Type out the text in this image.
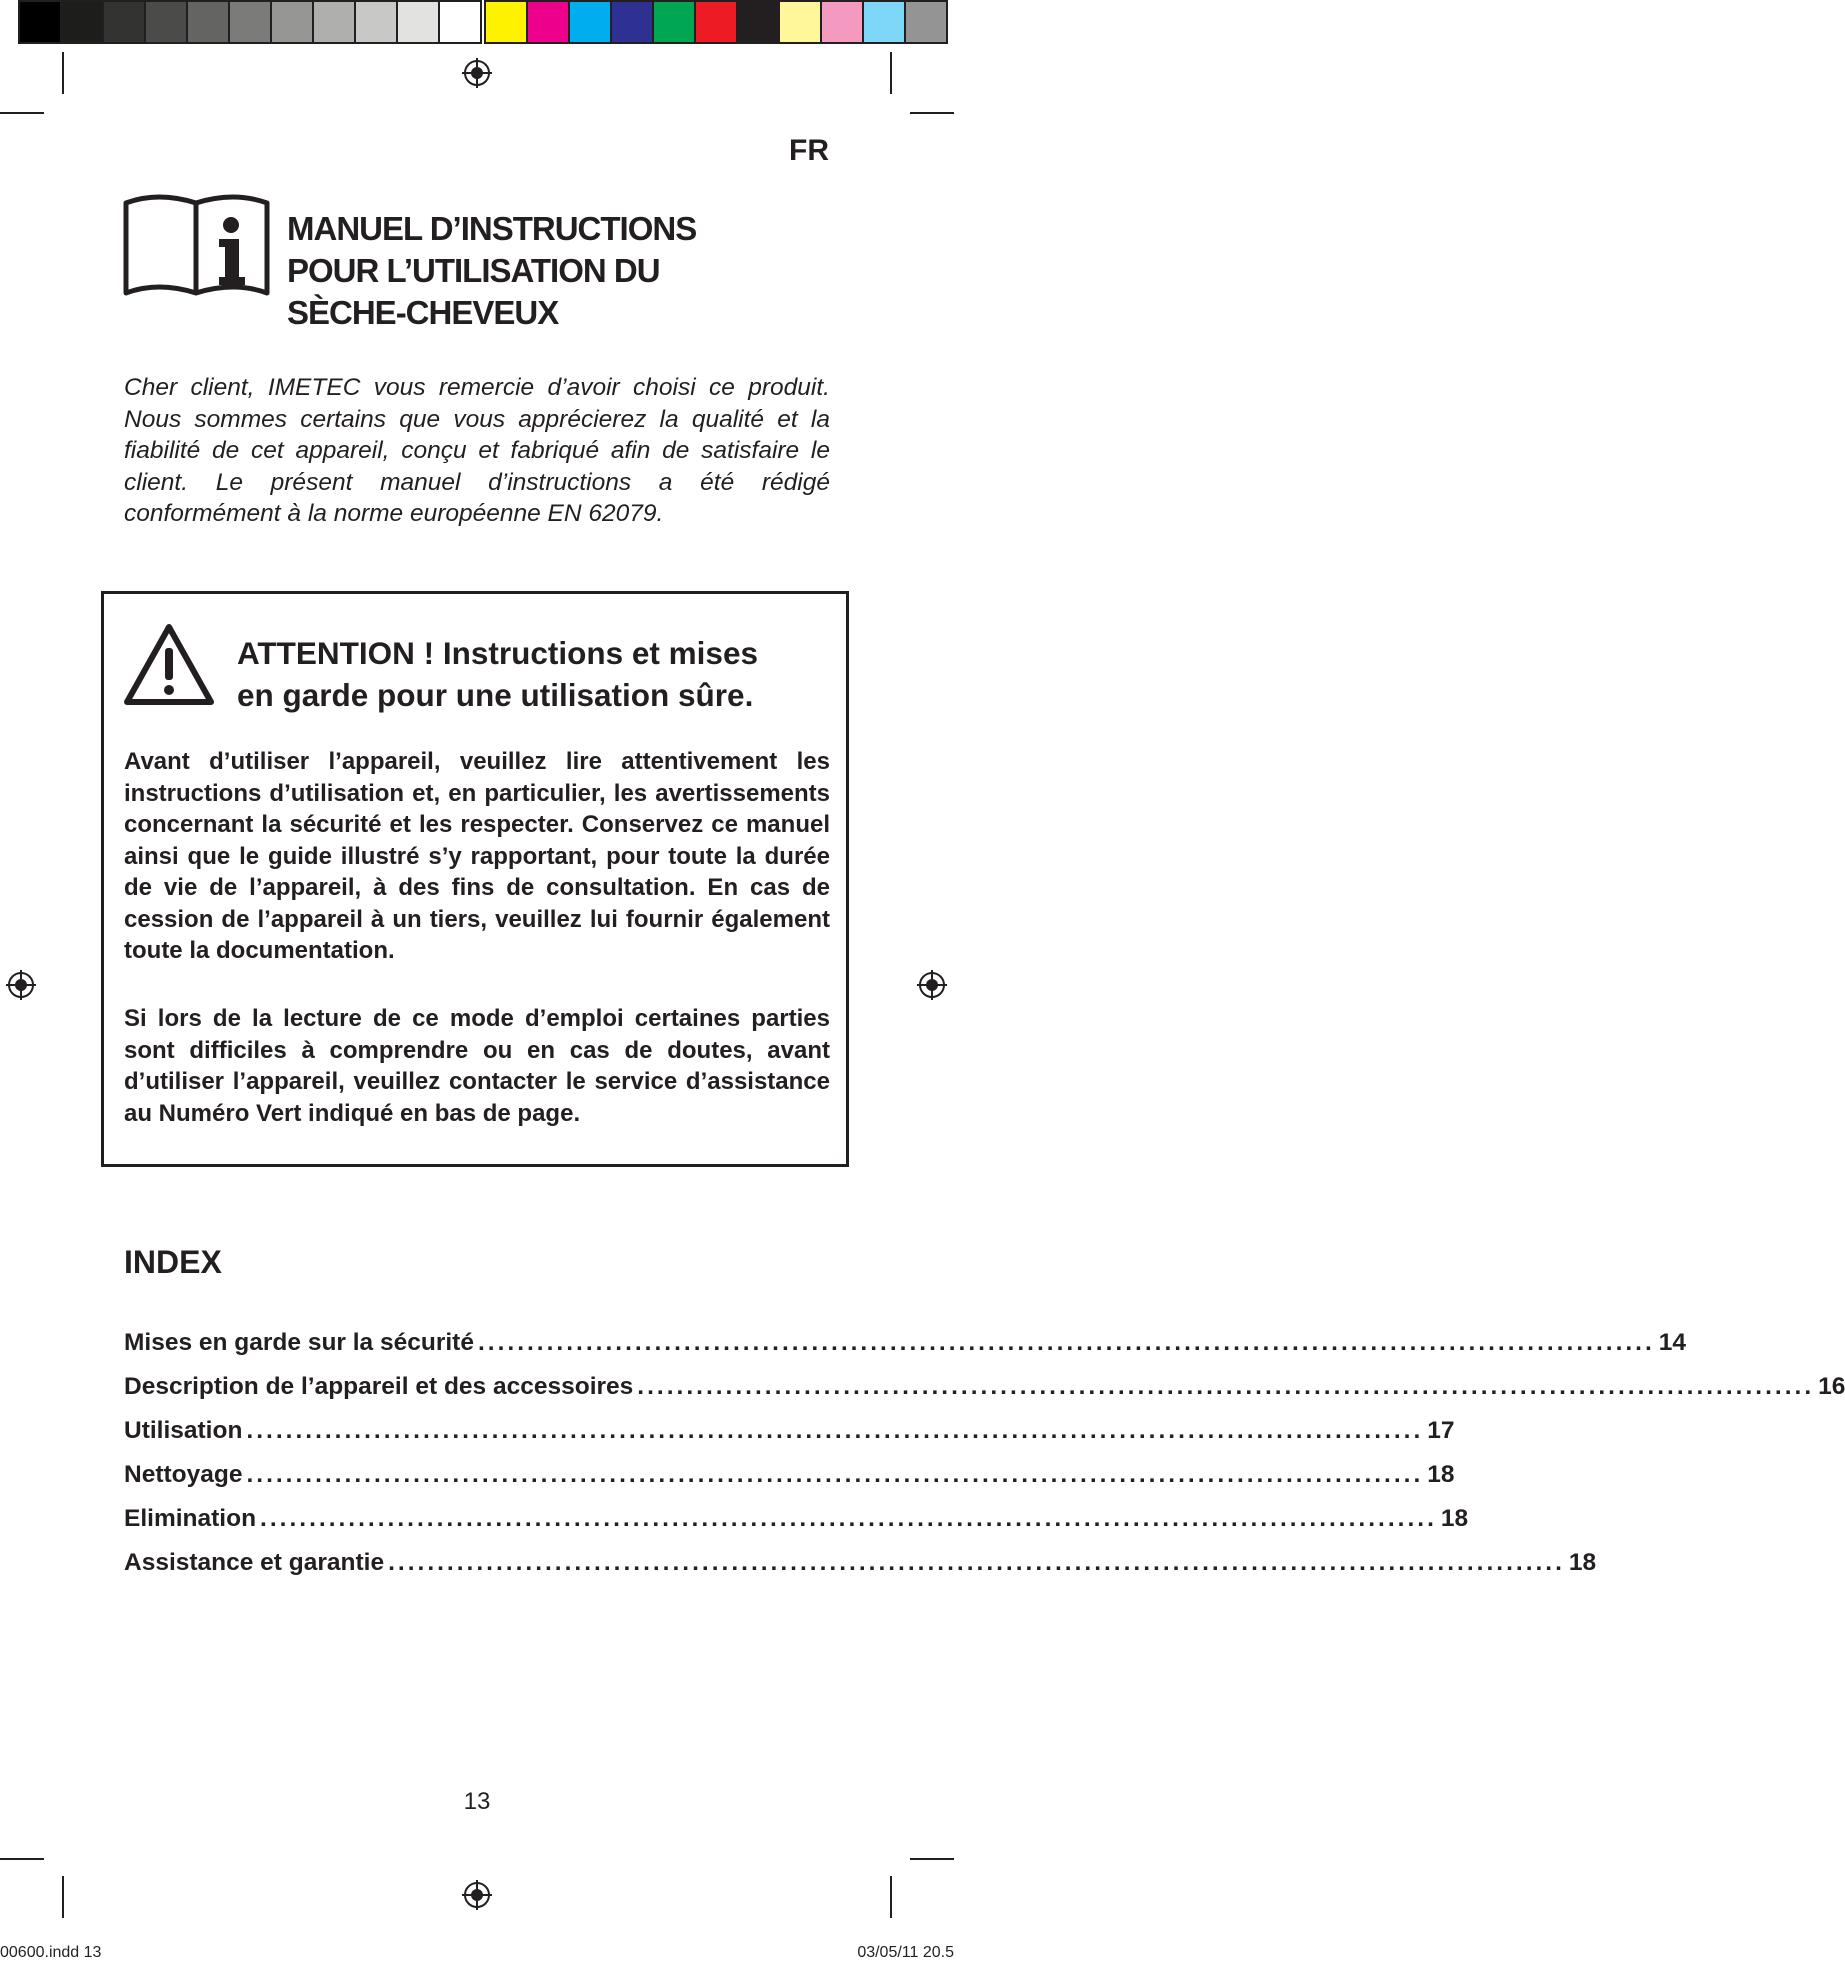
FR
MANUEL D’INSTRUCTIONS
POUR L’UTILISATION DU
SÈCHE-CHEVEUX
Cher client, IMETEC vous remercie d’avoir choisi ce produit. Nous sommes certains que vous apprécierez la qualité et la fiabilité de cet appareil, conçu et fabriqué afin de satisfaire le client. Le présent manuel d’instructions a été rédigé conformément à la norme européenne EN 62079.
ATTENTION ! Instructions et mises
en garde pour une utilisation sûre.
Avant d’utiliser l’appareil, veuillez lire attentivement les instructions d’utilisation et, en particulier, les avertissements concernant la sécurité et les respecter. Conservez ce manuel ainsi que le guide illustré s’y rapportant, pour toute la durée de vie de l’appareil, à des fins de consultation. En cas de cession de l’appareil à un tiers, veuillez lui fournir également toute la documentation.
Si lors de la lecture de ce mode d’emploi certaines parties sont difficiles à comprendre ou en cas de doutes, avant d’utiliser l’appareil, veuillez contacter le service d’assistance au Numéro Vert indiqué en bas de page.
INDEX
Mises en garde sur la sécurité ........................................................................................................................ 14
Description de l’appareil et des accessoires ........................................................................................................................ 16
Utilisation ........................................................................................................................ 17
Nettoyage ........................................................................................................................ 18
Elimination ........................................................................................................................ 18
Assistance et garantie ........................................................................................................................ 18
13
00600.indd 13	03/05/11 20.5
